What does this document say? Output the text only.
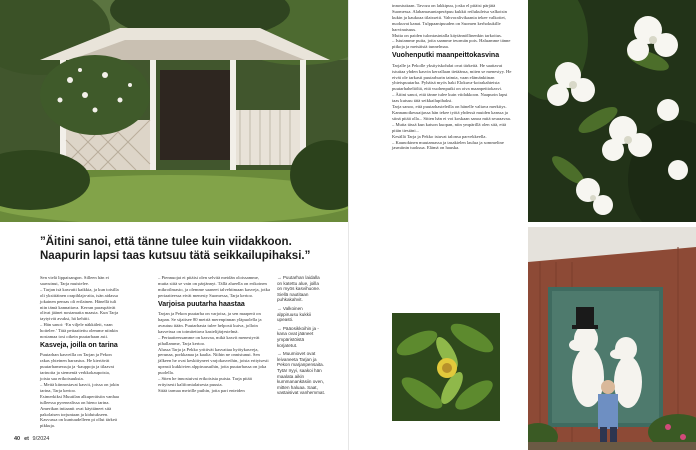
”Äitini sanoi, että tänne tulee kuin viidakkoon.
Naapurin lapsi taas kutsuu tätä seikkailupihaksi.”

Sen vielä lippaisangon. Silleen hän ei saavutnut, Tarja muistelee.

– Tarjan isä kasvatti kaikkia, ja kun toisilla oli yksittäinen orapihlaja-aita, isän aidassa jokainen pensas oli erilainen. Hänellä tuli niin tämä kannattava. Kerran paraspäivät olivat jäänet nostamatta maasta. Kun Tarja taytyivät avuksi, hä kehitti.

– Hän sanoi: ‘En viljele näkkäleit, vaan hoitelee.’ Tätä pettaaitettu olemme niinkin nostamaa tosi oikein puutarhaan asti.

Kasveja, joilla on tarina

Puutarhan kasveilla on Tarjan ja Pekon rakas yhteinen harrastus. He kiertävät puutarhamessuja ja -kauppoja ja tilaavat tarinoita ja siemeniä verkkokaupoista, joista saa erikoisuuksia.

– Meitä kiinnostavat kasvit, joissa on jokin tarina, Tarja kertoo.

Esimerkiksi Muutilan alkuperäisiin vanhaa tulleessa pyrenealissa on hieno tarina. Amerikan intiaanit ovat käyttäneet sitä pakolaisen torjuntaan ja kidutukseen. Kasvussa on kuntuudelleen pi ollut tärkeä pikkuja.

– Piennuojat ei pitäisi olen selvitä meidän oloissamme, mutta siitä se vain on pärjännyt. Tällä alueella on erikoinen mikroilmasto, ja olemme saaneet talvehtimaan kasveja, jotka periaatteessa eivät menesty Suomessa, Tarja kertoo.

Varjoisa puutarha haastaa

Tarjan ja Pekon puutarha on varjoisa, ja sen maaperä on hapan. Se sijaitsee 80 metriä merenpinnan yläpuolella ja avautuu itään. Puutarhasta tulee helposti kuiva, jolloin kasveissa on toimitettava kastelijärjestelmä.

– Periaatteessamme on kasvaa, mikä kasvit menestyvät pihallamme, Tarja kertoo.

Alussa Tarja ja Pekko yrittivät kasvattaa hyötykasveja, perunaa, porkkanaa ja kaalia. Niihin ne onnistunut. Sen jälkeen he ovat keskittyneet varjokasveihin, joista erityisesti upeasti kukkivien alppiruusuihin, jotta puutarhassa on joka puolella.

– Siten he innostuivat erikoisista puista. Tarja pitää erityisesti kalifornialaisesta puusta.

Sitää tarmaa meirille puihin, jotta pari enteiden

→ Puutarhan laidalla on katettu alue, joilla on myös kasvihuone. Siellä nautitaan puhkakahvit.

→ Valkoinen alppiruusu kukkii upeasti.

→ Pääosikkoihin ja -kana ovat jääneet ympäristöistä korjatetut.

→ Muumiovet ovat leivaneeta Tarjan ja Pekon marjanpensaita. Tytär Iryyi, saakoi hän maalata aikin kummanankäsiin oven, mitten haluaa. Saat, vastaisivat vanhemmat.

innostuttaan. Tavoza on lakkipuu, joska el pitäisi pärjätä Suomessa. Alabamasuntaperäpuu kukkii reilukuleisa valkoisin kukin ja kaukoaa tilaissetti. Vahvoralivikaania tekee valkotiet, nuokuvat kanat. Tulppaanipuuden on Suomen kerhokukille harvinaisuus.

Mutta on paiden tulontasintalla käytännöllinenkin tarkoitus.

– Istutamme puita, joita saamme teurmän pois. Haluamme tänne pitkoja ja metsäistä tunnelmaa.

Vuohenputki maanpeittokasvina

Tarjalle ja Pekolle yksityiskohdat ovat tärkeitä. He saattavat istuttaa yhden kasvin kerrallaan tietäänsa, miten se menestyy. He eivät ole tarkasti puutarhurin taimia, vaan elämänkiinan yhteispuutarha. Pyhäisä myös haki Elokuva-koirakahteista puutarhaheliöltä, että vuohenputki on oiva maanpeittokasvi.

– Äitini sanoi, että tänne tulee kuin viidakkoon. Naapurin lapsi taas kutsuu tätä seikkailupihaksi.

Tarja sanoo, että puutarhasteleilla on hänelle valtava merkitys. Kannanoikeusaijassa hän tekee työtä yhdessä muiden kanssa ja siinä pitää olla... Sitten hän ei voi koskaan sanoa mitä seuraavaa.

– Mutta tässä kun katson kuopan, niin ympärillä olen sitä, että pitän tiestäni...

Kesällä Tarja ja Pekko istuvat talonsa parvekkeella.

– Kaunokinen muutamassa ja tasakielen laulua ja sommeline jasmiinin tuoksua. Elämä on hauska.

40 et 9/2024
